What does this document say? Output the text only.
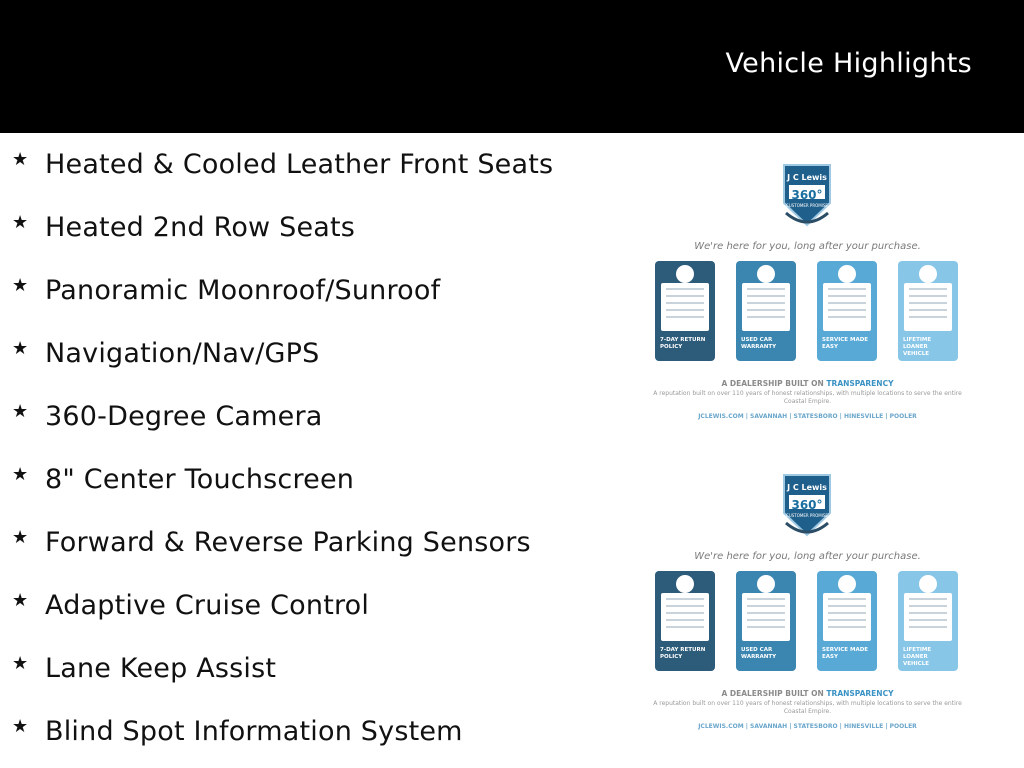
Vehicle Highlights
★ Heated & Cooled Leather Front Seats
★ Heated 2nd Row Seats
★ Panoramic Moonroof/Sunroof
★ Navigation/Nav/GPS
★ 360-Degree Camera
★ 8" Center Touchscreen
★ Forward & Reverse Parking Sensors
★ Adaptive Cruise Control
★ Lane Keep Assist
★ Blind Spot Information System
J C Lewis
360°
CUSTOMER PROMISE
We're here for you, long after your purchase.
7-DAY RETURN POLICY
USED CAR WARRANTY
SERVICE MADE EASY
LIFETIME LOANER VEHICLE
A DEALERSHIP BUILT ON TRANSPARENCY
A reputation built on over 110 years of honest relationships, with multiple locations to serve the entire Coastal Empire.
JCLEWIS.COM | SAVANNAH | STATESBORO | HINESVILLE | POOLER
J C Lewis
360°
CUSTOMER PROMISE
We're here for you, long after your purchase.
7-DAY RETURN POLICY
USED CAR WARRANTY
SERVICE MADE EASY
LIFETIME LOANER VEHICLE
A DEALERSHIP BUILT ON TRANSPARENCY
A reputation built on over 110 years of honest relationships, with multiple locations to serve the entire Coastal Empire.
JCLEWIS.COM | SAVANNAH | STATESBORO | HINESVILLE | POOLER
